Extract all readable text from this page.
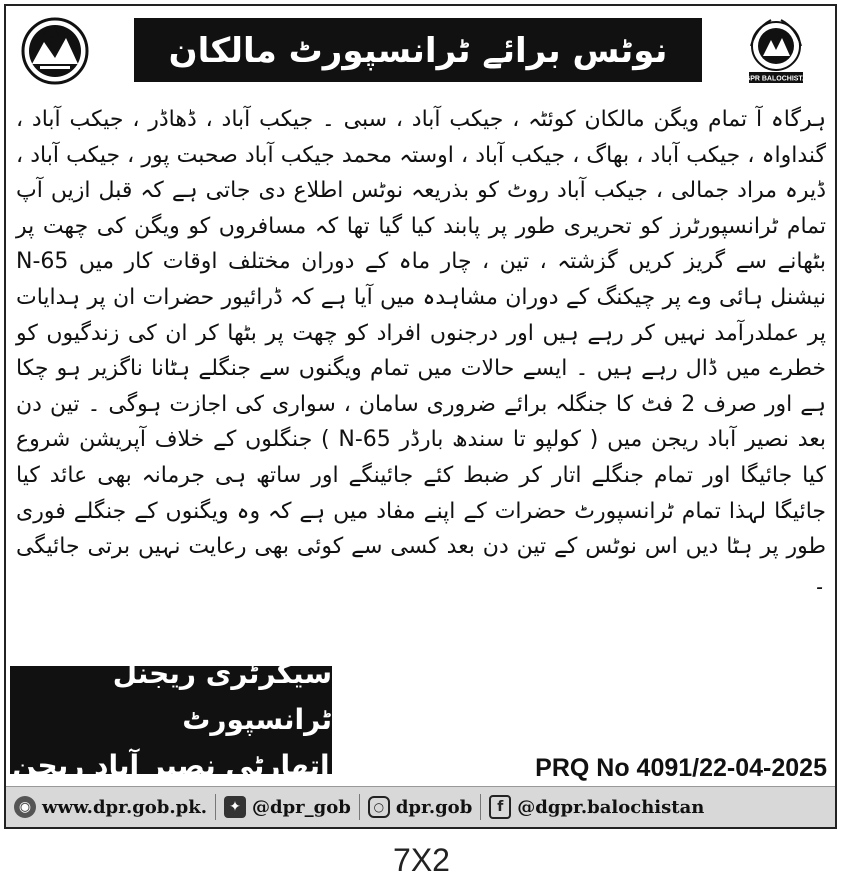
نوٹس برائے ٹرانسپورٹ مالکان
DGPR BALOCHISTAN

ہرگاہ آ تمام ویگن مالکان کوئٹہ ، جیکب آباد ، سبی ۔ جیکب آباد ، ڈھاڈر ، جیکب آباد ، گنداواہ ، جیکب آباد ، بھاگ ، جیکب آباد ، اوستہ محمد جیکب آباد صحبت پور ، جیکب آباد ، ڈیرہ مراد جمالی ، جیکب آباد روٹ کو بذریعہ نوٹس اطلاع دی جاتی ہے کہ قبل ازیں آپ تمام ٹرانسپورٹرز کو تحریری طور پر پابند کیا گیا تھا کہ مسافروں کو ویگن کی چھت پر بٹھانے سے گریز کریں گزشتہ ، تین ، چار ماہ کے دوران مختلف اوقات کار میں N-65 نیشنل ہائی وے پر چیکنگ کے دوران مشاہدہ میں آیا ہے کہ ڈرائیور حضرات ان پر ہدایات پر عملدرآمد نہیں کر رہے ہیں اور درجنوں افراد کو چھت پر بٹھا کر ان کی زندگیوں کو خطرے میں ڈال رہے ہیں ۔ ایسے حالات میں تمام ویگنوں سے جنگلے ہٹانا ناگزیر ہو چکا ہے اور صرف 2 فٹ کا جنگلہ برائے ضروری سامان ، سواری کی اجازت ہوگی ۔ تین دن بعد نصیر آباد ریجن میں ( کولپو تا سندھ بارڈر N-65 ) جنگلوں کے خلاف آپریشن شروع کیا جائیگا اور تمام جنگلے اتار کر ضبط کئے جائینگے اور ساتھ ہی جرمانہ بھی عائد کیا جائیگا لہذا تمام ٹرانسپورٹ حضرات کے اپنے مفاد میں ہے کہ وہ ویگنوں کے جنگلے فوری طور پر ہٹا دیں اس نوٹس کے تین دن بعد کسی سے کوئی بھی رعایت نہیں برتی جائیگی ۔

سیکرٹری ریجنل ٹرانسپورٹ
اتھارٹی نصیر آباد ریجن	PRQ No 4091/22-04-2025
◉ www.dpr.gob.pk.	✦ @dpr_gob	○ dpr.gob	f @dgpr.balochistan
7X2
